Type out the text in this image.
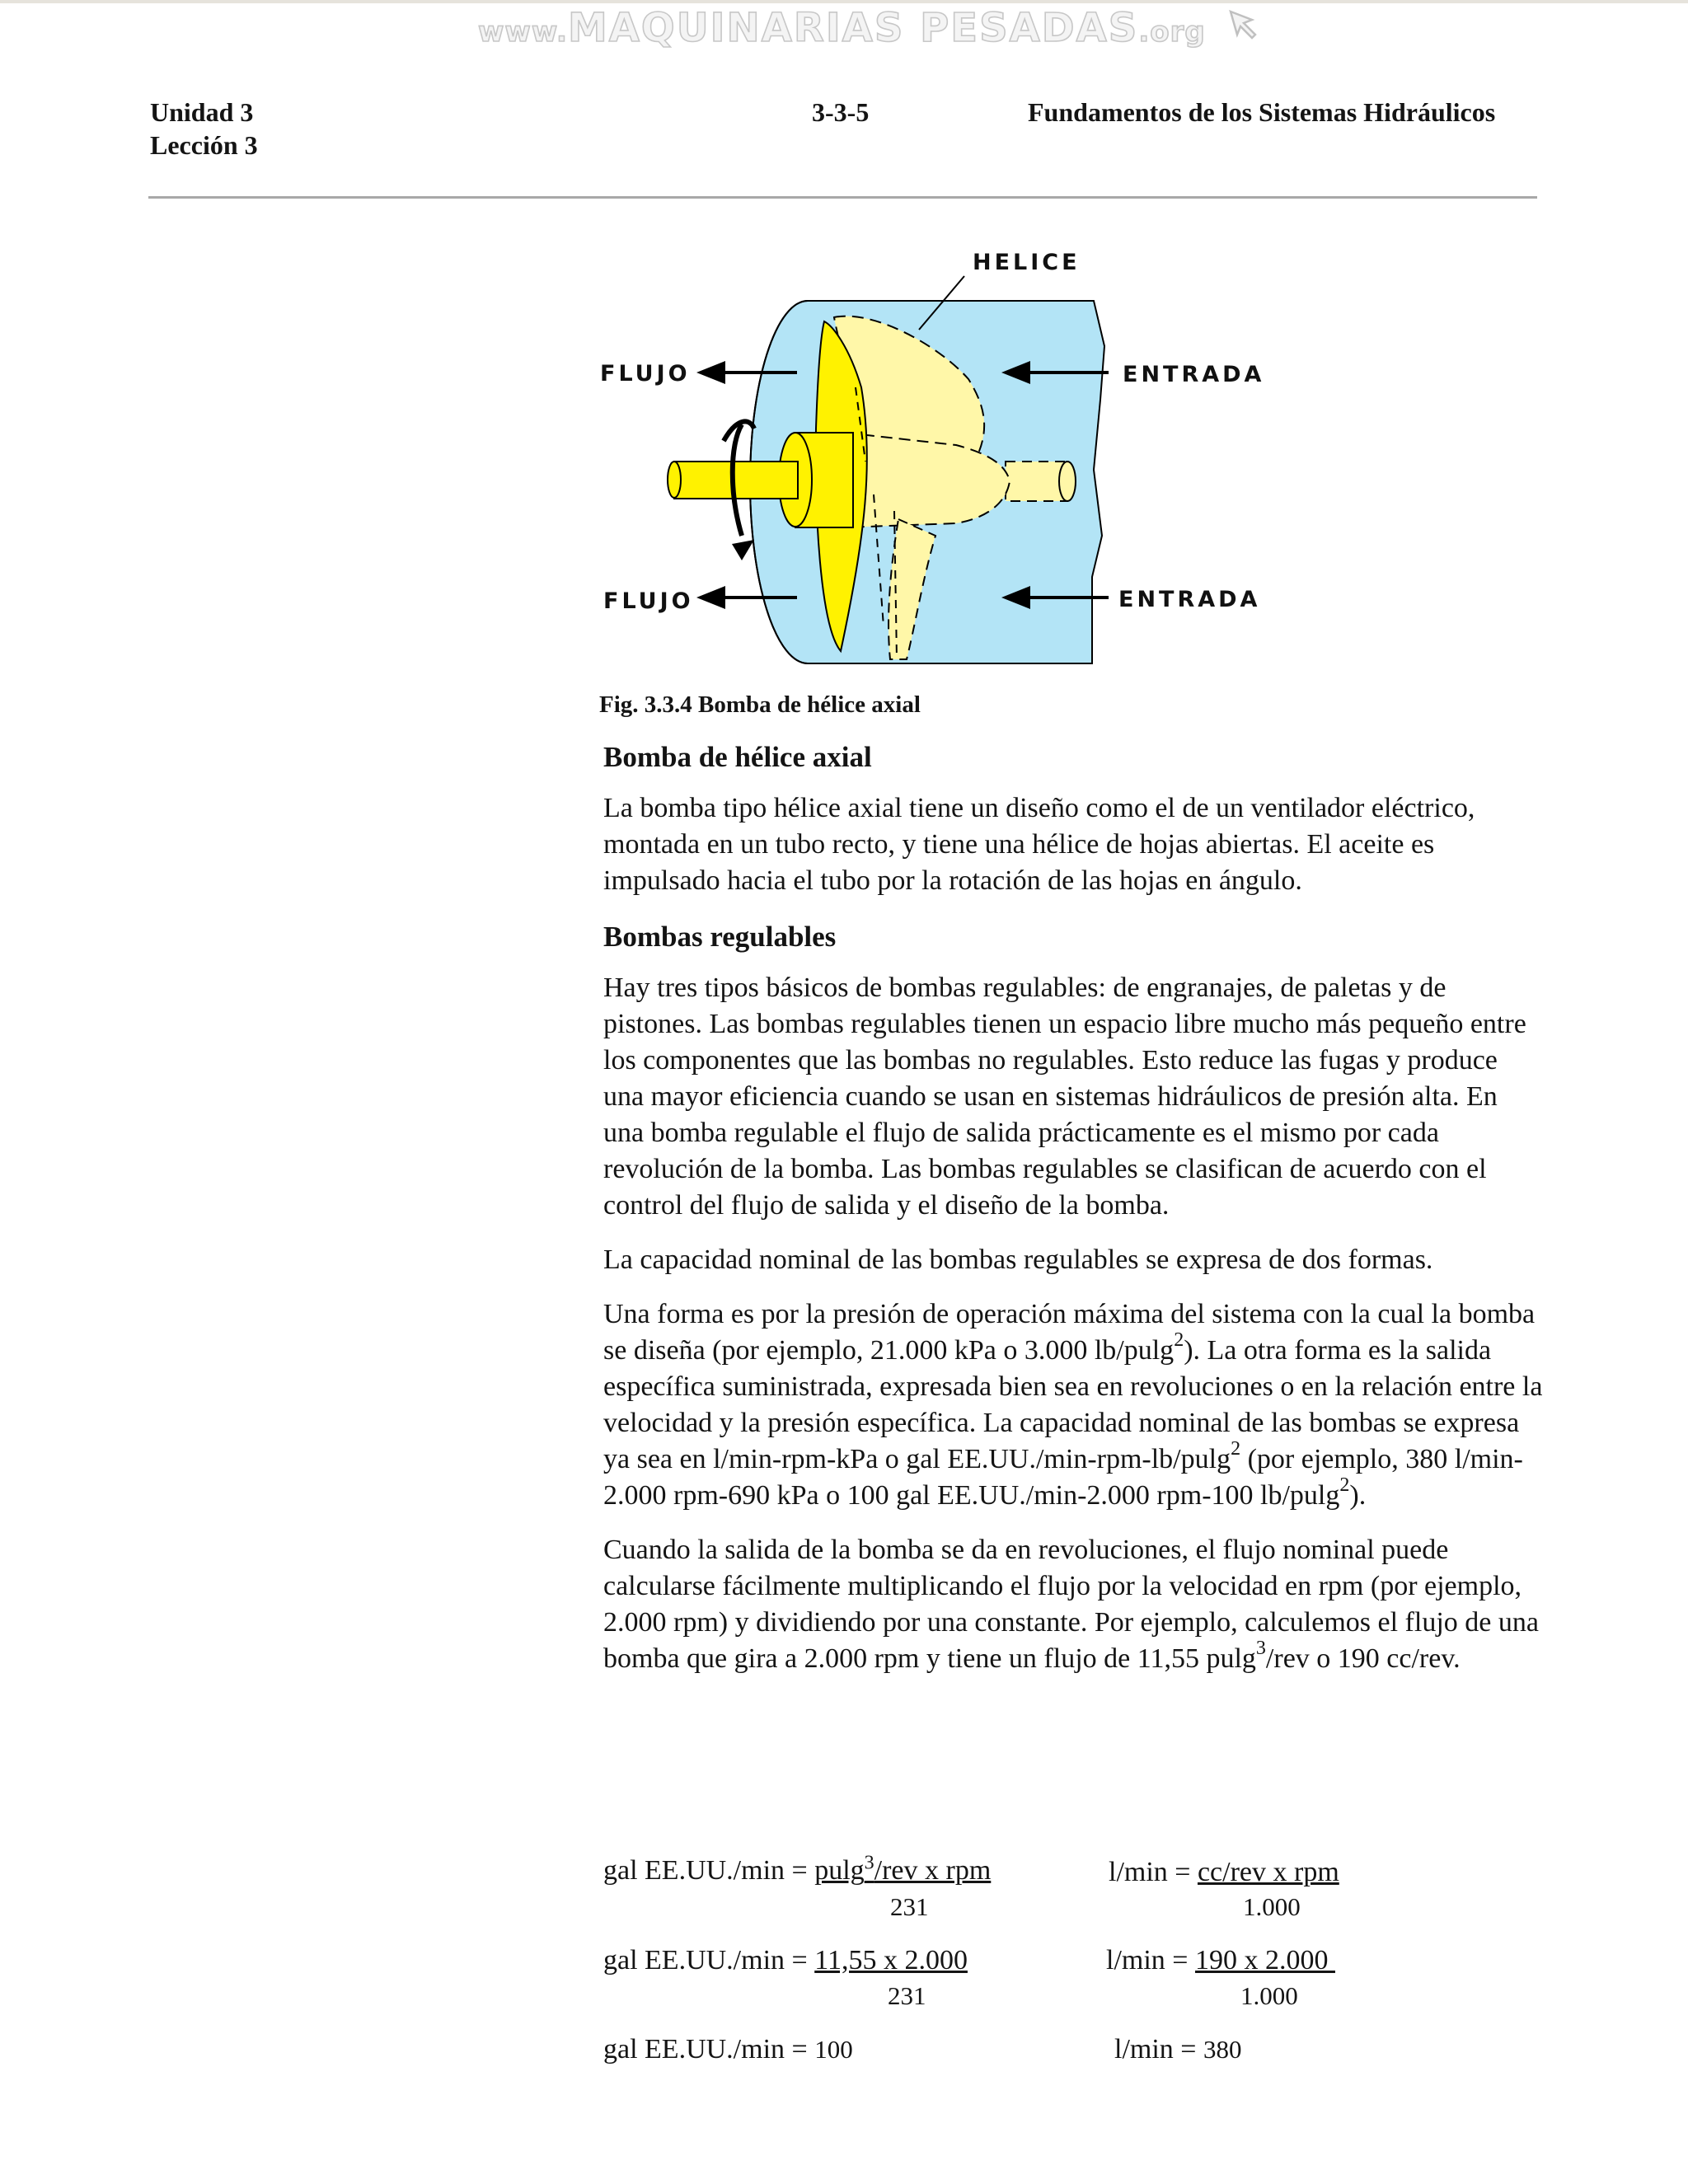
www.MAQUINARIAS PESADAS.org
Unidad 3
Lección 3
3-3-5	Fundamentos de los Sistemas Hidráulicos
HELICE
FLUJO
FLUJO
ENTRADA
ENTRADA
Fig. 3.3.4 Bomba de hélice axial
Bomba de hélice axial

La bomba tipo hélice axial tiene un diseño como el de un ventilador eléctrico, montada en un tubo recto, y tiene una hélice de hojas abiertas. El aceite es impulsado hacia el tubo por la rotación de las hojas en ángulo.

Bombas regulables

Hay tres tipos básicos de bombas regulables: de engranajes, de paletas y de pistones. Las bombas regulables tienen un espacio libre mucho más pequeño entre los componentes que las bombas no regulables. Esto reduce las fugas y produce una mayor eficiencia cuando se usan en sistemas hidráulicos de presión alta. En una bomba regulable el flujo de salida prácticamente es el mismo por cada revolución de la bomba. Las bombas regulables se clasifican de acuerdo con el control del flujo de salida y el diseño de la bomba.

La capacidad nominal de las bombas regulables se expresa de dos formas.

Una forma es por la presión de operación máxima del sistema con la cual la bomba se diseña (por ejemplo, 21.000 kPa o 3.000 lb/pulg$^2$). La otra forma es la salida específica suministrada, expresada bien sea en revoluciones o en la relación entre la velocidad y la presión específica. La capacidad nominal de las bombas se expresa ya sea en l/min-rpm-kPa o gal EE.UU./min-rpm-lb/pulg$^2$ (por ejemplo, 380 l/min-2.000 rpm-690 kPa o 100 gal EE.UU./min-2.000 rpm-100 lb/pulg$^2$).

Cuando la salida de la bomba se da en revoluciones, el flujo nominal puede calcularse fácilmente multiplicando el flujo por la velocidad en rpm (por ejemplo, 2.000 rpm) y dividiendo por una constante. Por ejemplo, calculemos el flujo de una bomba que gira a 2.000 rpm y tiene un flujo de 11,55 pulg$^3$/rev o 190 cc/rev.

gal EE.UU./min = pulg$^3$/rev x rpm
231
l/min = cc/rev x rpm
1.000
gal EE.UU./min = 11,55 x 2.000
231
l/min = 190 x 2.000
1.000
gal EE.UU./min = 100	l/min = 380
